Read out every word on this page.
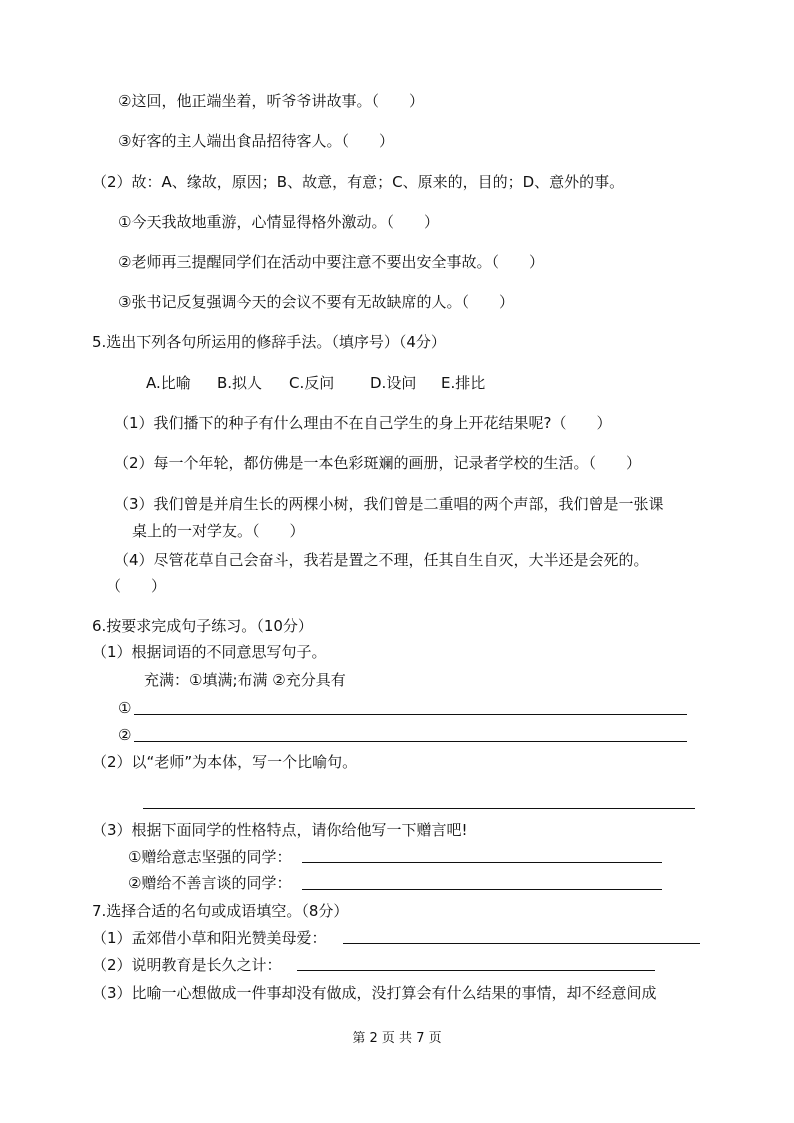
②这回，他正端坐着，听爷爷讲故事。（　　）
③好客的主人端出食品招待客人。（　　）
（2）故：A、缘故，原因；B、故意，有意；C、原来的，目的；D、意外的事。
①今天我故地重游，心情显得格外激动。（　　）
②老师再三提醒同学们在活动中要注意不要出安全事故。（　　）
③张书记反复强调今天的会议不要有无故缺席的人。（　　）
5.选出下列各句所运用的修辞手法。（填序号）（4分）
A.比喻 B.拟人 C.反问 D.设问 E.排比
（1）我们播下的种子有什么理由不在自己学生的身上开花结果呢?（　　）
（2）每一个年轮，都仿佛是一本色彩斑斓的画册，记录者学校的生活。（　　）
（3）我们曾是并肩生长的两棵小树，我们曾是二重唱的两个声部，我们曾是一张课
桌上的一对学友。（　　）
（4）尽管花草自己会奋斗，我若是置之不理，任其自生自灭，大半还是会死的。
（　　）
6.按要求完成句子练习。（10分）
（1）根据词语的不同意思写句子。
充满：①填满;布满 ②充分具有
①
②
（2）以“老师”为本体，写一个比喻句。
（3）根据下面同学的性格特点，请你给他写一下赠言吧!
①赠给意志坚强的同学：
②赠给不善言谈的同学：
7.选择合适的名句或成语填空。（8分）
（1）孟郊借小草和阳光赞美母爱：
（2）说明教育是长久之计：
（3）比喻一心想做成一件事却没有做成，没打算会有什么结果的事情，却不经意间成
第 2 页 共 7 页
